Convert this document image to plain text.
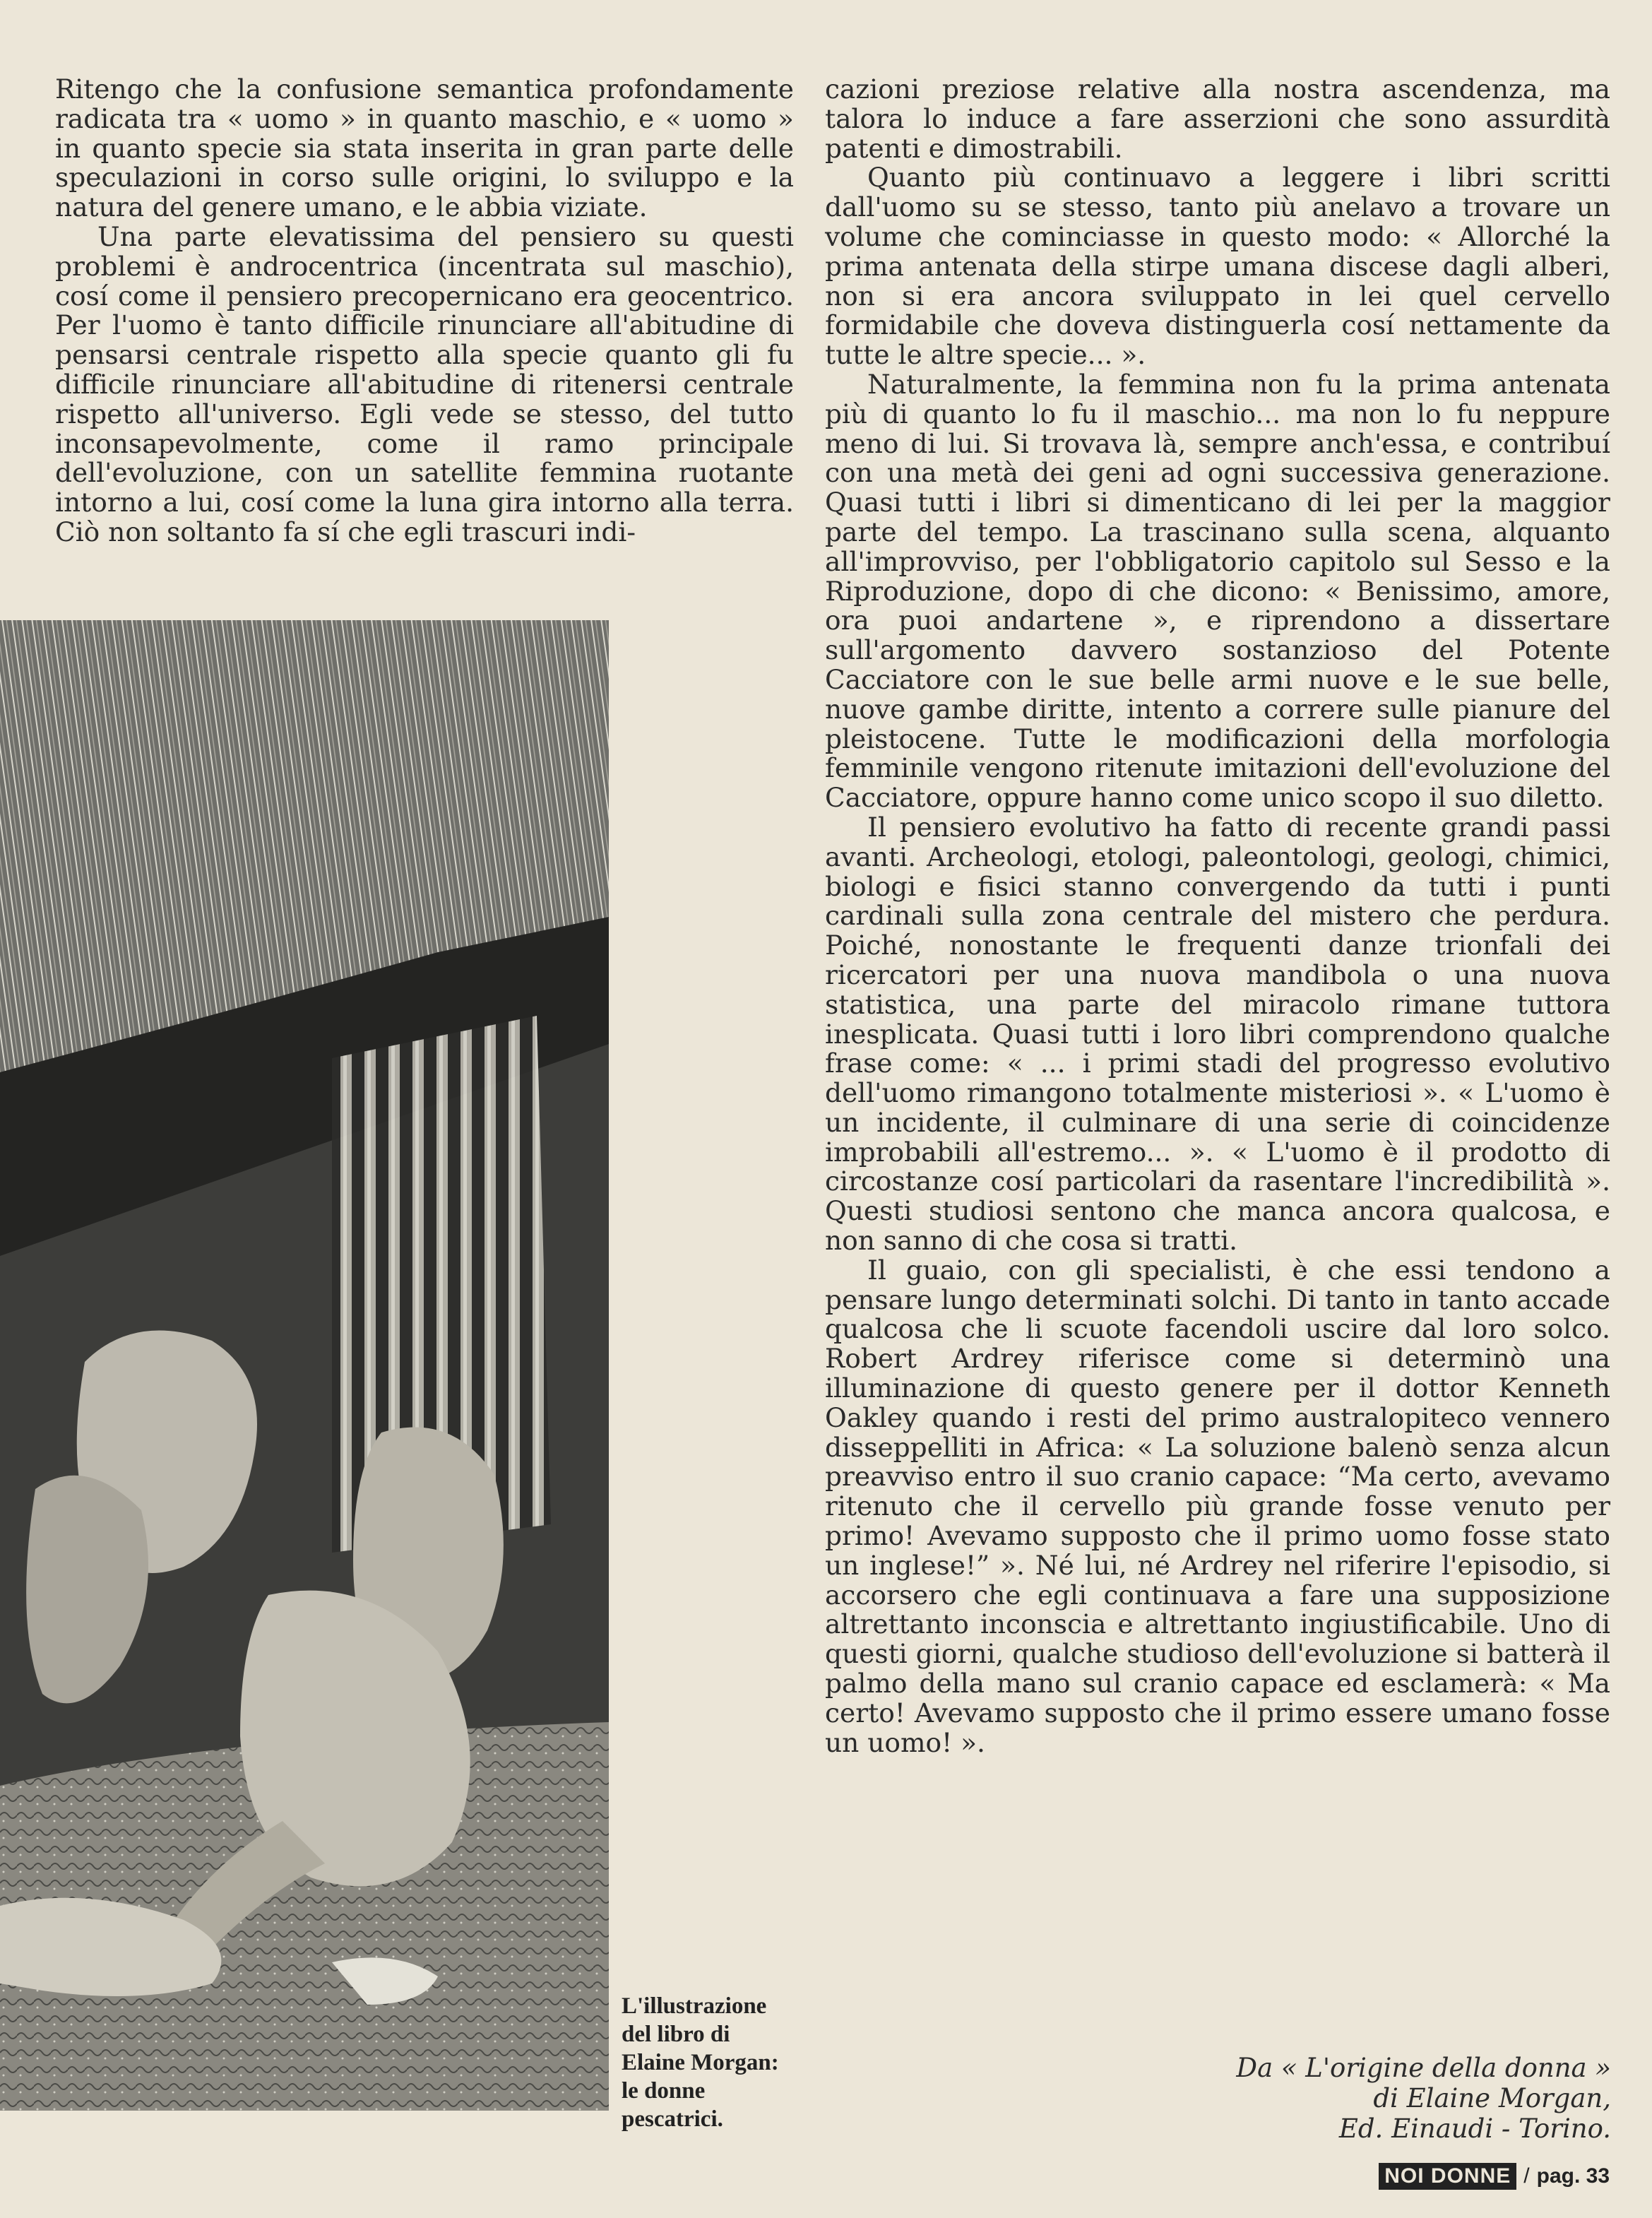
Ritengo che la confusione semantica profondamente radicata tra « uomo » in quanto maschio, e « uomo » in quanto specie sia stata inserita in gran parte delle speculazioni in corso sulle origini, lo sviluppo e la natura del genere umano, e le abbia viziate.

Una parte elevatissima del pensiero su questi problemi è androcentrica (incentrata sul maschio), cosí come il pensiero precopernicano era geocentrico. Per l'uomo è tanto difficile rinunciare all'abitudine di pensarsi centrale rispetto alla specie quanto gli fu difficile rinunciare all'abitudine di ritenersi centrale rispetto all'universo. Egli vede se stesso, del tutto inconsapevolmente, come il ramo principale dell'evoluzione, con un satellite femmina ruotante intorno a lui, cosí come la luna gira intorno alla terra. Ciò non soltanto fa sí che egli trascuri indi-

L'illustrazione
del libro di
Elaine Morgan:
le donne
pescatrici.

cazioni preziose relative alla nostra ascendenza, ma talora lo induce a fare asserzioni che sono assurdità patenti e dimostrabili.

Quanto più continuavo a leggere i libri scritti dall'uomo su se stesso, tanto più anelavo a trovare un volume che cominciasse in questo modo: « Allorché la prima antenata della stirpe umana discese dagli alberi, non si era ancora sviluppato in lei quel cervello formidabile che doveva distinguerla cosí nettamente da tutte le altre specie... ».

Naturalmente, la femmina non fu la prima antenata più di quanto lo fu il maschio... ma non lo fu neppure meno di lui. Si trovava là, sempre anch'essa, e contribuí con una metà dei geni ad ogni successiva generazione. Quasi tutti i libri si dimenticano di lei per la maggior parte del tempo. La trascinano sulla scena, alquanto all'improvviso, per l'obbligatorio capitolo sul Sesso e la Riproduzione, dopo di che dicono: « Benissimo, amore, ora puoi andartene », e riprendono a dissertare sull'argomento davvero sostanzioso del Potente Cacciatore con le sue belle armi nuove e le sue belle, nuove gambe diritte, intento a correre sulle pianure del pleistocene. Tutte le modificazioni della morfologia femminile vengono ritenute imitazioni dell'evoluzione del Cacciatore, oppure hanno come unico scopo il suo diletto.

Il pensiero evolutivo ha fatto di recente grandi passi avanti. Archeologi, etologi, paleontologi, geologi, chimici, biologi e fisici stanno convergendo da tutti i punti cardinali sulla zona centrale del mistero che perdura. Poiché, nonostante le frequenti danze trionfali dei ricercatori per una nuova mandibola o una nuova statistica, una parte del miracolo rimane tuttora inesplicata. Quasi tutti i loro libri comprendono qualche frase come: « ... i primi stadi del progresso evolutivo dell'uomo rimangono totalmente misteriosi ». « L'uomo è un incidente, il culminare di una serie di coincidenze improbabili all'estremo... ». « L'uomo è il prodotto di circostanze cosí particolari da rasentare l'incredibilità ». Questi studiosi sentono che manca ancora qualcosa, e non sanno di che cosa si tratti.

Il guaio, con gli specialisti, è che essi tendono a pensare lungo determinati solchi. Di tanto in tanto accade qualcosa che li scuote facendoli uscire dal loro solco. Robert Ardrey riferisce come si determinò una illuminazione di questo genere per il dottor Kenneth Oakley quando i resti del primo australopiteco vennero disseppelliti in Africa: « La soluzione balenò senza alcun preavviso entro il suo cranio capace: “Ma certo, avevamo ritenuto che il cervello più grande fosse venuto per primo! Avevamo supposto che il primo uomo fosse stato un inglese!” ». Né lui, né Ardrey nel riferire l'episodio, si accorsero che egli continuava a fare una supposizione altrettanto inconscia e altrettanto ingiustificabile. Uno di questi giorni, qualche studioso dell'evoluzione si batterà il palmo della mano sul cranio capace ed esclamerà: « Ma certo! Avevamo supposto che il primo essere umano fosse un uomo! ».

Da « L'origine della donna »
di Elaine Morgan,
Ed. Einaudi - Torino.
NOI DONNE / pag. 33
